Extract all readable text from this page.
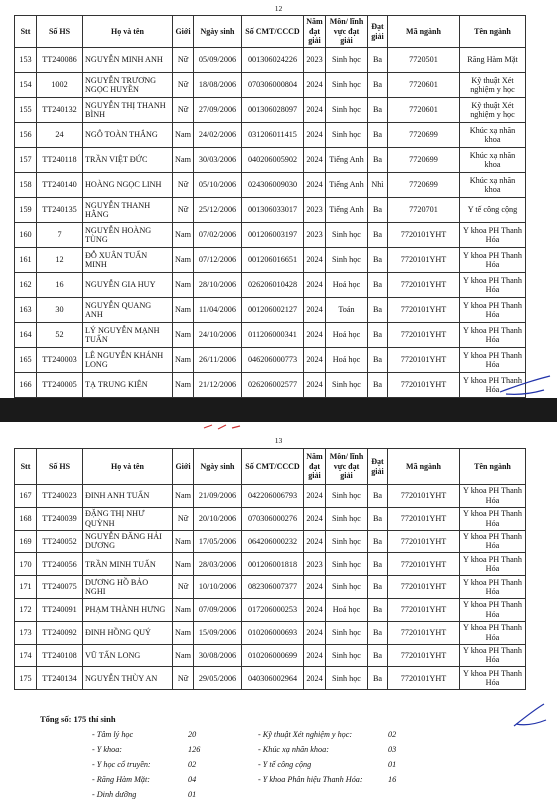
12
Stt	Số HS	Họ và tên	Giới	Ngày sinh	Số CMT/CCCD	Năm đạt giải	Môn/ lĩnh vực đạt giải	Đạt giải	Mã ngành	Tên ngành
153	TT240086	NGUYỄN MINH ANH	Nữ	05/09/2006	001306024226	2023	Sinh học	Ba	7720501	Răng Hàm Mặt
154	1002	NGUYỄN TRƯƠNG NGỌC HUYỀN	Nữ	18/08/2006	070306000804	2024	Sinh học	Ba	7720601	Kỹ thuật Xét nghiệm y học
155	TT240132	NGUYỄN THỊ THANH BÌNH	Nữ	27/09/2006	001306028097	2024	Sinh học	Ba	7720601	Kỹ thuật Xét nghiệm y học
156	24	NGÔ TOÀN THẮNG	Nam	24/02/2006	031206011415	2024	Sinh học	Ba	7720699	Khúc xạ nhãn khoa
157	TT240118	TRẦN VIỆT ĐỨC	Nam	30/03/2006	040206005902	2024	Tiếng Anh	Ba	7720699	Khúc xạ nhãn khoa
158	TT240140	HOÀNG NGỌC LINH	Nữ	05/10/2006	024306009030	2024	Tiếng Anh	Nhì	7720699	Khúc xạ nhãn khoa
159	TT240135	NGUYỄN THANH HẰNG	Nữ	25/12/2006	001306033017	2023	Tiếng Anh	Ba	7720701	Y tế công cộng
160	7	NGUYỄN HOÀNG TÙNG	Nam	07/02/2006	001206003197	2023	Sinh học	Ba	7720101YHT	Y khoa PH Thanh Hóa
161	12	ĐỖ XUÂN TUẤN MINH	Nam	07/12/2006	001206016651	2024	Sinh học	Ba	7720101YHT	Y khoa PH Thanh Hóa
162	16	NGUYỄN GIA HUY	Nam	28/10/2006	026206010428	2024	Hoá học	Ba	7720101YHT	Y khoa PH Thanh Hóa
163	30	NGUYỄN QUANG ANH	Nam	11/04/2006	001206002127	2024	Toán	Ba	7720101YHT	Y khoa PH Thanh Hóa
164	52	LÝ NGUYỄN MẠNH TUẤN	Nam	24/10/2006	011206000341	2024	Hoá học	Ba	7720101YHT	Y khoa PH Thanh Hóa
165	TT240003	LÊ NGUYỄN KHÁNH LONG	Nam	26/11/2006	046206000773	2024	Hoá học	Ba	7720101YHT	Y khoa PH Thanh Hóa
166	TT240005	TẠ TRUNG KIÊN	Nam	21/12/2006	026206002577	2024	Sinh học	Ba	7720101YHT	Y khoa PH Thanh Hóa
13
Stt	Số HS	Họ và tên	Giới	Ngày sinh	Số CMT/CCCD	Năm đạt giải	Môn/ lĩnh vực đạt giải	Đạt giải	Mã ngành	Tên ngành
167	TT240023	ĐINH ANH TUẤN	Nam	21/09/2006	042206006793	2024	Sinh học	Ba	7720101YHT	Y khoa PH Thanh Hóa
168	TT240039	ĐẶNG THỊ NHƯ QUỲNH	Nữ	20/10/2006	070306000276	2024	Sinh học	Ba	7720101YHT	Y khoa PH Thanh Hóa
169	TT240052	NGUYỄN ĐĂNG HẢI DƯƠNG	Nam	17/05/2006	064206000232	2024	Sinh học	Ba	7720101YHT	Y khoa PH Thanh Hóa
170	TT240056	TRẦN MINH TUẤN	Nam	28/03/2006	001206001818	2023	Sinh học	Ba	7720101YHT	Y khoa PH Thanh Hóa
171	TT240075	DƯƠNG HỒ BẢO NGHI	Nữ	10/10/2006	082306007377	2024	Sinh học	Ba	7720101YHT	Y khoa PH Thanh Hóa
172	TT240091	PHẠM THÀNH HƯNG	Nam	07/09/2006	017206000253	2024	Hoá học	Ba	7720101YHT	Y khoa PH Thanh Hóa
173	TT240092	ĐINH HỒNG QUÝ	Nam	15/09/2006	010206000693	2024	Sinh học	Ba	7720101YHT	Y khoa PH Thanh Hóa
174	TT240108	VŨ TẤN LONG	Nam	30/08/2006	010206000699	2024	Sinh học	Ba	7720101YHT	Y khoa PH Thanh Hóa
175	TT240134	NGUYỄN THÙY AN	Nữ	29/05/2006	040306002964	2024	Sinh học	Ba	7720101YHT	Y khoa PH Thanh Hóa
Tổng số: 175 thí sinh
- Tâm lý học	20
- Y khoa:	126
- Y học cổ truyền:	02
- Răng Hàm Mặt:	04
- Dinh dưỡng	01
- Kỹ thuật Xét nghiệm y học:	02
- Khúc xạ nhãn khoa:	03
- Y tế công cộng	01
- Y khoa Phân hiệu Thanh Hóa:	16
